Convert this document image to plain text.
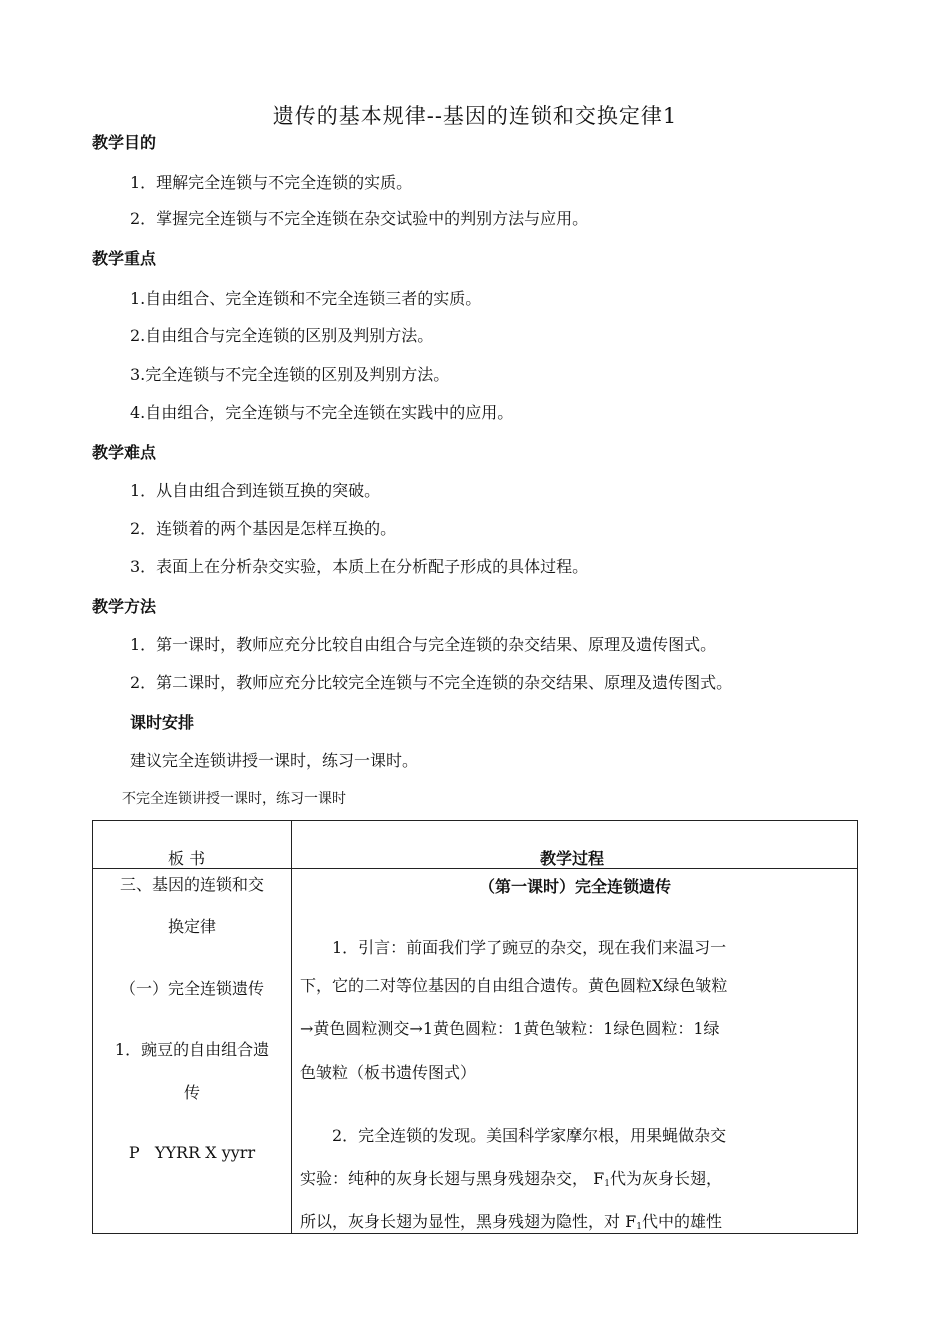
遗传的基本规律--基因的连锁和交换定律1
教学目的
1．理解完全连锁与不完全连锁的实质。
2．掌握完全连锁与不完全连锁在杂交试验中的判别方法与应用。
教学重点
1.自由组合、完全连锁和不完全连锁三者的实质。
2.自由组合与完全连锁的区别及判别方法。
3.完全连锁与不完全连锁的区别及判别方法。
4.自由组合，完全连锁与不完全连锁在实践中的应用。
教学难点
1．从自由组合到连锁互换的突破。
2．连锁着的两个基因是怎样互换的。
3．表面上在分析杂交实验，本质上在分析配子形成的具体过程。
教学方法
1．第一课时，教师应充分比较自由组合与完全连锁的杂交结果、原理及遗传图式。
2．第二课时，教师应充分比较完全连锁与不完全连锁的杂交结果、原理及遗传图式。
课时安排
建议完全连锁讲授一课时，练习一课时。
不完全连锁讲授一课时，练习一课时
板 书	教学过程
三、基因的连锁和交
换定律
（一）完全连锁遗传
1．豌豆的自由组合遗
传
P   YYRR X yyrr
（第一课时）完全连锁遗传
1．引言：前面我们学了豌豆的杂交，现在我们来温习一
下，它的二对等位基因的自由组合遗传。黄色圆粒X绿色皱粒
→黄色圆粒测交→1黄色圆粒：1黄色皱粒：1绿色圆粒：1绿
色皱粒（板书遗传图式）
2．完全连锁的发现。美国科学家摩尔根，用果蝇做杂交
实验：纯种的灰身长翅与黑身残翅杂交， $F_1$代为灰身长翅，
所以，灰身长翅为显性，黑身残翅为隐性，对 $F_1$代中的雄性
